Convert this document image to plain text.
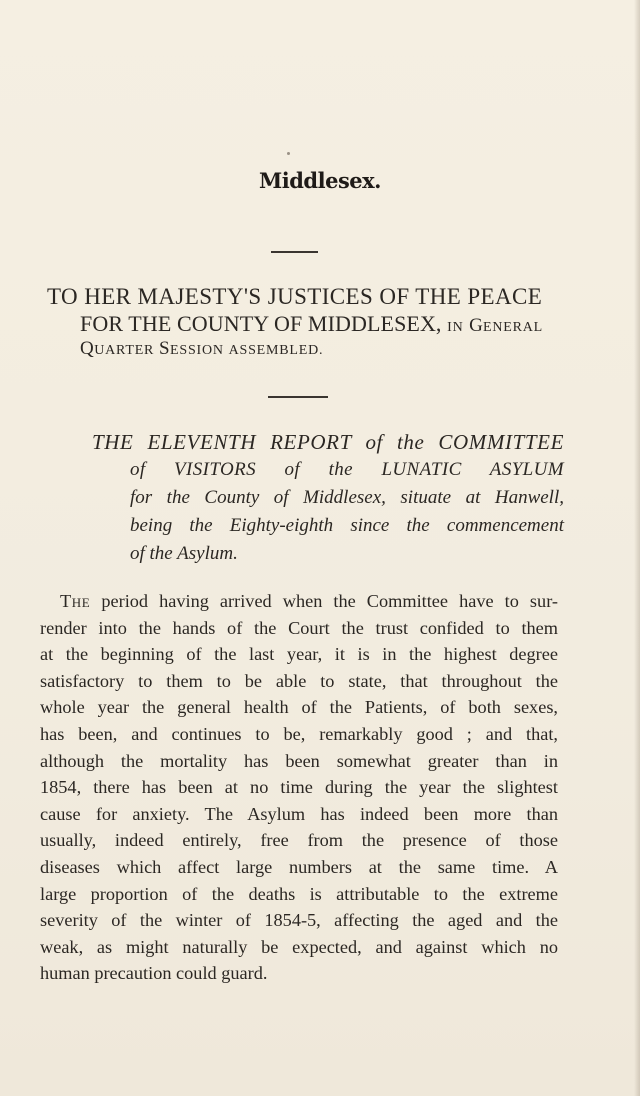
Middlesex.
TO HER MAJESTY'S JUSTICES OF THE PEACE
FOR THE COUNTY OF MIDDLESEX, IN GENERAL
QUARTER SESSION ASSEMBLED.
THE ELEVENTH REPORT of the COMMITTEE
of VISITORS of the LUNATIC ASYLUM
for the County of Middlesex, situate at Hanwell,
being the Eighty-eighth since the commencement
of the Asylum.
The period having arrived when the Committee have to sur-
render into the hands of the Court the trust confided to them
at the beginning of the last year, it is in the highest degree
satisfactory to them to be able to state, that throughout the
whole year the general health of the Patients, of both sexes,
has been, and continues to be, remarkably good ; and that,
although the mortality has been somewhat greater than in
1854, there has been at no time during the year the slightest
cause for anxiety. The Asylum has indeed been more than
usually, indeed entirely, free from the presence of those
diseases which affect large numbers at the same time. A
large proportion of the deaths is attributable to the extreme
severity of the winter of 1854-5, affecting the aged and the
weak, as might naturally be expected, and against which no
human precaution could guard.
